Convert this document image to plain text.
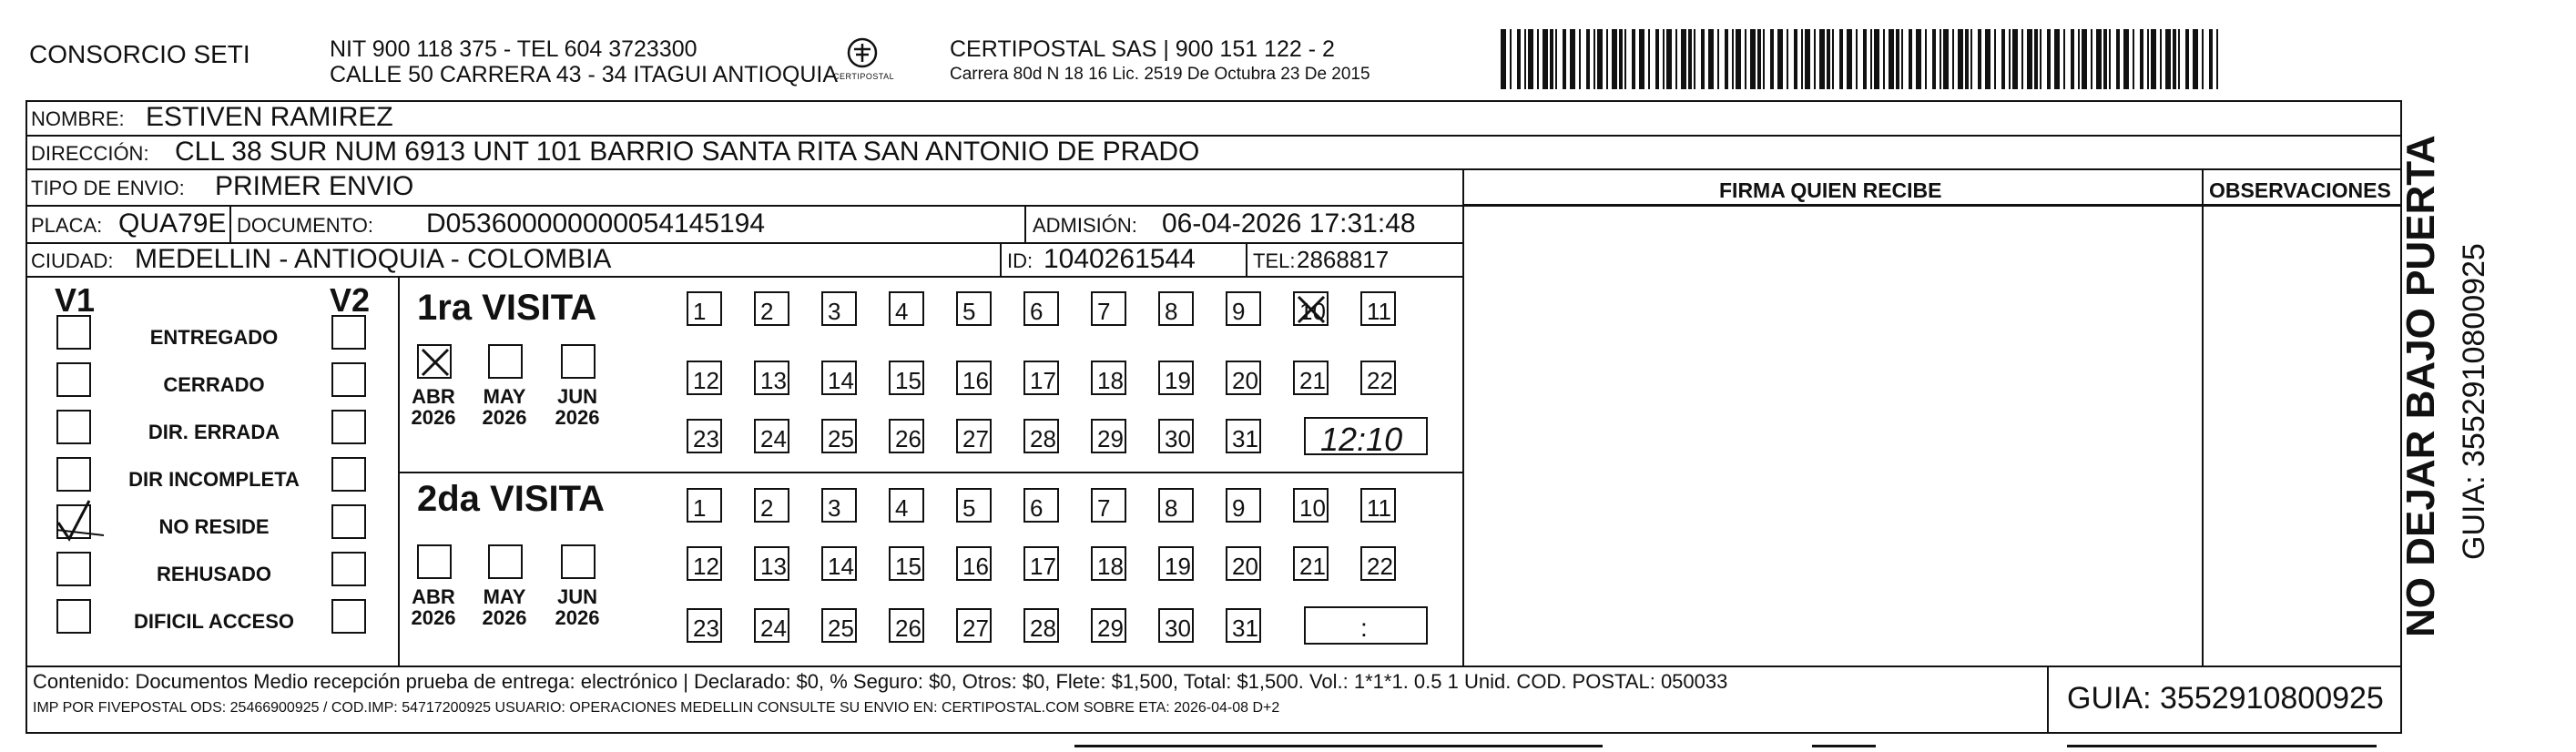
CONSORCIO SETI	NIT 900 118 375 - TEL 604 3723300
CALLE 50 CARRERA 43 - 34 ITAGUI ANTIOQUIA
CERTIPOSTAL
CERTIPOSTAL SAS | 900 151 122 - 2
Carrera 80d N 18 16 Lic. 2519 De Octubra 23 De 2015
NOMBRE: ESTIVEN RAMIREZ
DIRECCIÓN: CLL 38 SUR NUM 6913 UNT 101 BARRIO SANTA RITA SAN ANTONIO DE PRADO
TIPO DE ENVIO: PRIMER ENVIO	FIRMA QUIEN RECIBE	OBSERVACIONES
PLACA: QUA79E DOCUMENTO: D053600000000054145194	ADMISIÓN: 06-04-2026 17:31:48
CIUDAD: MEDELLIN - ANTIOQUIA - COLOMBIA	ID: 1040261544	TEL: 2868817
V1	V2
ENTREGADO
CERRADO
DIR. ERRADA
DIR INCOMPLETA
NO RESIDE
REHUSADO
DIFICIL ACCESO
1ra VISITA
2da VISITA
ABR
2026
MAY
2026
JUN
2026
ABR
2026
MAY
2026
JUN
2026
1 2 3 4 5 6 7 8 9 10 11
12 13 14 15 16 17 18 19 20 21 22
23 24 25 26 27 28 29 30 31
1 2 3 4 5 6 7 8 9 10 11
12 13 14 15 16 17 18 19 20 21 22
23 24 25 26 27 28 29 30 31
12:10
:
Contenido: Documentos Medio recepción prueba de entrega: electrónico | Declarado: $0, % Seguro: $0, Otros: $0, Flete: $1,500, Total: $1,500. Vol.: 1*1*1. 0.5 1 Unid. COD. POSTAL: 050033
IMP POR FIVEPOSTAL ODS: 25466900925 / COD.IMP: 54717200925 USUARIO: OPERACIONES MEDELLIN CONSULTE SU ENVIO EN: CERTIPOSTAL.COM SOBRE ETA: 2026-04-08 D+2	GUIA: 3552910800925
NO DEJAR BAJO PUERTA GUIA: 3552910800925
